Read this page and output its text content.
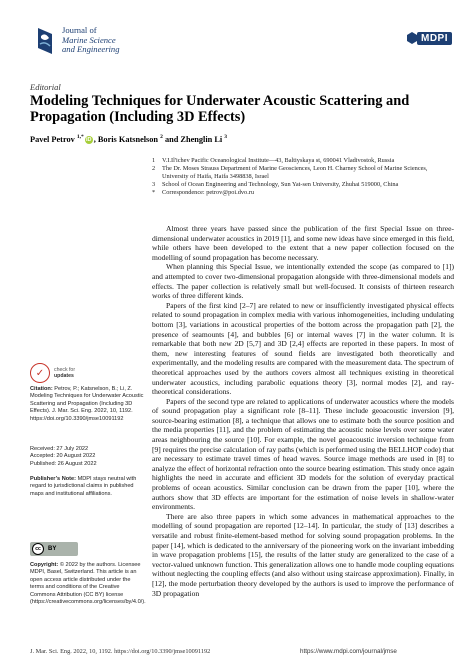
Journal of
Marine Science
and Engineering
MDPI
Editorial
Modeling Techniques for Underwater Acoustic Scattering and Propagation (Including 3D Effects)
Pavel Petrov $^{1,*}$ iD , Boris Katsnelson $^2$ and Zhenglin Li $^3$
1	V.I.Il'ichev Pacific Oceanological Institute—43, Baltiyskaya st, 690041 Vladivostok, Russia
2	The Dr. Moses Strauss Department of Marine Geosciences, Leon H. Charney School of Marine Sciences, University of Haifa, Haifa 3498838, Israel
3	School of Ocean Engineering and Technology, Sun Yat-sen University, Zhuhai 519000, China
*	Correspondence: petrov@poi.dvo.ru

Almost three years have passed since the publication of the first Special Issue on three-dimensional underwater acoustics in 2019 [1], and some new ideas have since emerged in this field, while others have been developed to the extent that a new paper collection focused on the modelling of sound propagation has become necessary.

When planning this Special Issue, we intentionally extended the scope (as compared to [1]) and attempted to cover two-dimensional propagation alongside with three-dimensional models and effects. The paper collection is relatively small but well-focused. It consists of thirteen research works of three different kinds.

Papers of the first kind [2–7] are related to new or insufficiently investigated physical effects related to sound propagation in complex media with various inhomogeneities, including undulating bottom [3], variations in acoustical properties of the bottom across the propagation path [2], the presence of seamounts [4], and bubbles [6] or internal waves [7] in the water column. It is remarkable that both new 2D [5,7] and 3D [2,4] effects are reported in these papers. In most of them, new interesting features of sound fields are investigated both theoretically and experimentally, and the modeling results are compared with the measurement data. The spectrum of theoretical approaches used by the authors covers almost all techniques existing in theoretical underwater acoustics, including parabolic equations theory [3], normal modes [2], and ray-theoretical considerations.

Papers of the second type are related to applications of underwater acoustics where the models of sound propagation play a significant role [8–11]. These include geoacoustic inversion [9], source-bearing estimation [8], a technique that allows one to estimate both the source position and the media properties [11], and the problem of estimating the acoustic noise levels over some water areas neighbouring the source [10]. For example, the novel geoacoustic inversion technique from [9] requires the precise calculation of ray paths (which is performed using the BELLHOP code) that are necessary to estimate travel times of head waves. Source image methods are used in [8] to analyze the effect of horizontal refraction onto the source bearing estimation. This study once again highlights the need in accurate and efficient 3D models for the solution of everyday practical problems of ocean acoustics. Similar conclusion can be drawn from the paper [10], where the authors show that 3D effects are important for the estimation of noise levels in shallow-water environments.

There are also three papers in which some advances in mathematical approaches to the modelling of sound propagation are reported [12–14]. In particular, the study of [13] describes a versatile and robust finite-element-based method for solving sound propagation problems. In the paper [14], which is dedicated to the anniversary of the pioneering work on the invariant imbedding in wave propagation problems [15], the results of the latter study are generalized to the case of a vector-valued unknown function. This generalization allows one to handle mode coupling equations without neglecting the coupling effects (and also without using staircase approximation). Finally, in [12], the mode perturbation theory developed by the authors is used to improve the performance of 3D propagation

✓	check for
updates
Citation: Petrov, P.; Katsnelson, B.; Li, Z. Modeling Techniques for Underwater Acoustic Scattering and Propagation (Including 3D Effects). J. Mar. Sci. Eng. 2022, 10, 1192. https://doi.org/10.3390/jmse10091192
Received: 27 July 2022
Accepted: 20 August 2022
Published: 26 August 2022
Publisher’s Note: MDPI stays neutral with regard to jurisdictional claims in published maps and institutional affiliations.
cc	BY
Copyright: © 2022 by the authors. Licensee MDPI, Basel, Switzerland. This article is an open access article distributed under the terms and conditions of the Creative Commons Attribution (CC BY) license (https://creativecommons.org/licenses/by/4.0/).
J. Mar. Sci. Eng. 2022, 10, 1192. https://doi.org/10.3390/jmse10091192	https://www.mdpi.com/journal/jmse
